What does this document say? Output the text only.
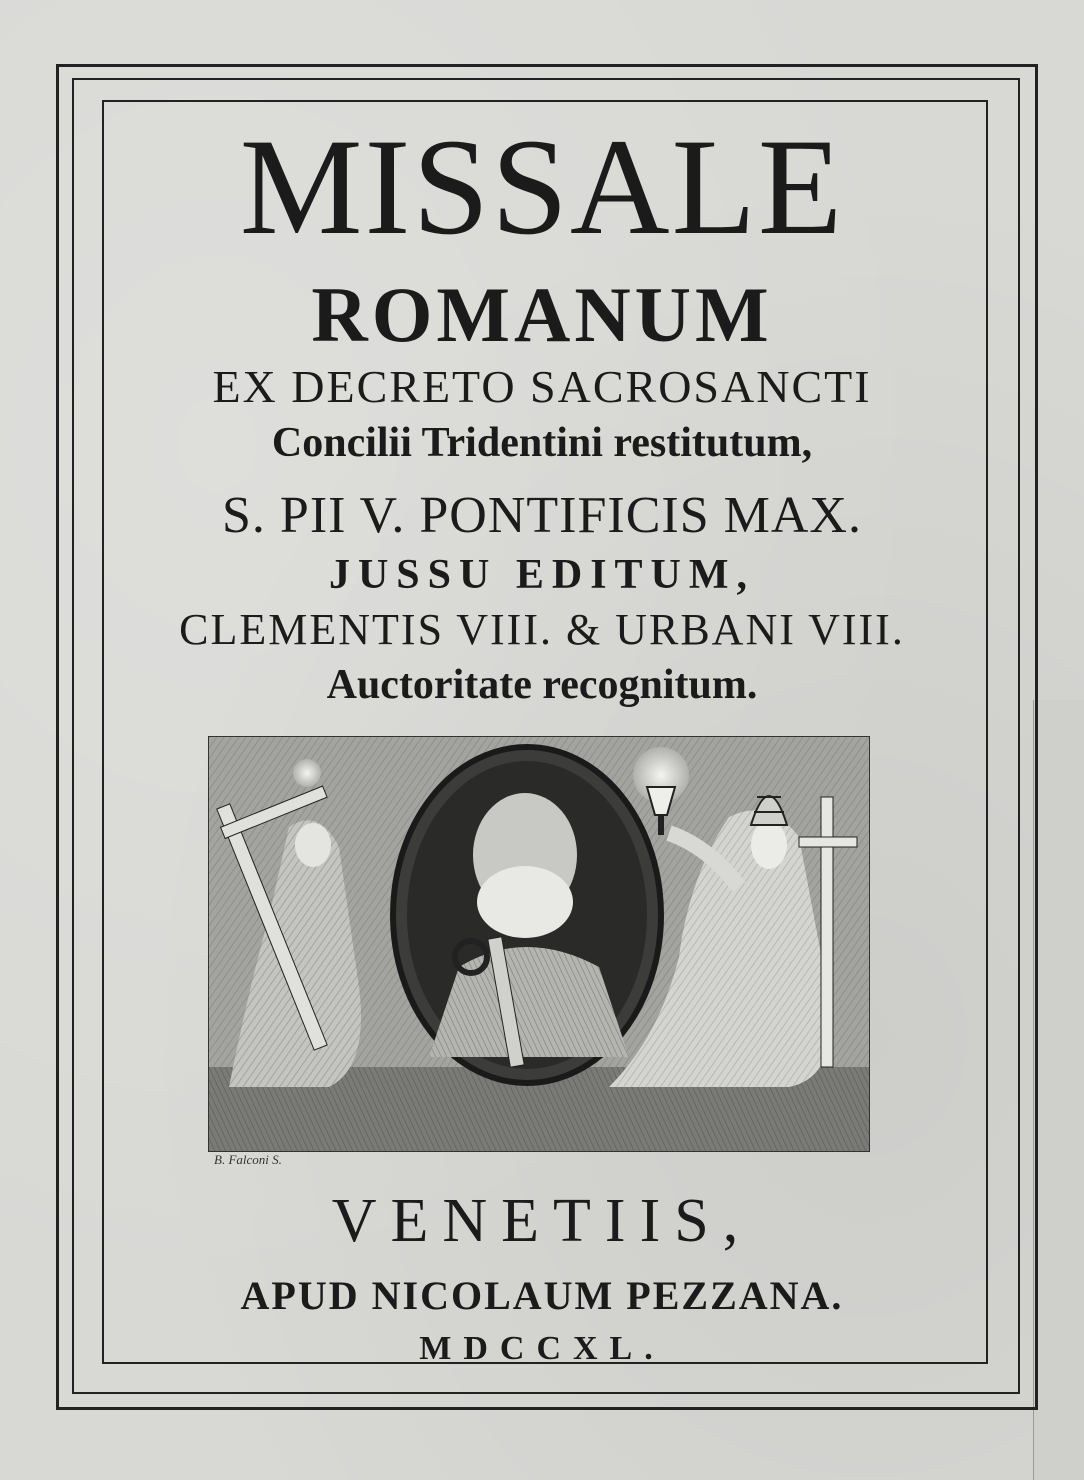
MISSALE
ROMANUM
EX DECRETO SACROSANCTI
Concilii Tridentini restitutum,
S. PII V. PONTIFICIS MAX.
JUSSU EDITUM,
CLEMENTIS VIII. & URBANI VIII.
Auctoritate recognitum.
B. Falconi S.
VENETIIS,
APUD NICOLAUM PEZZANA.
MDCCXL.
